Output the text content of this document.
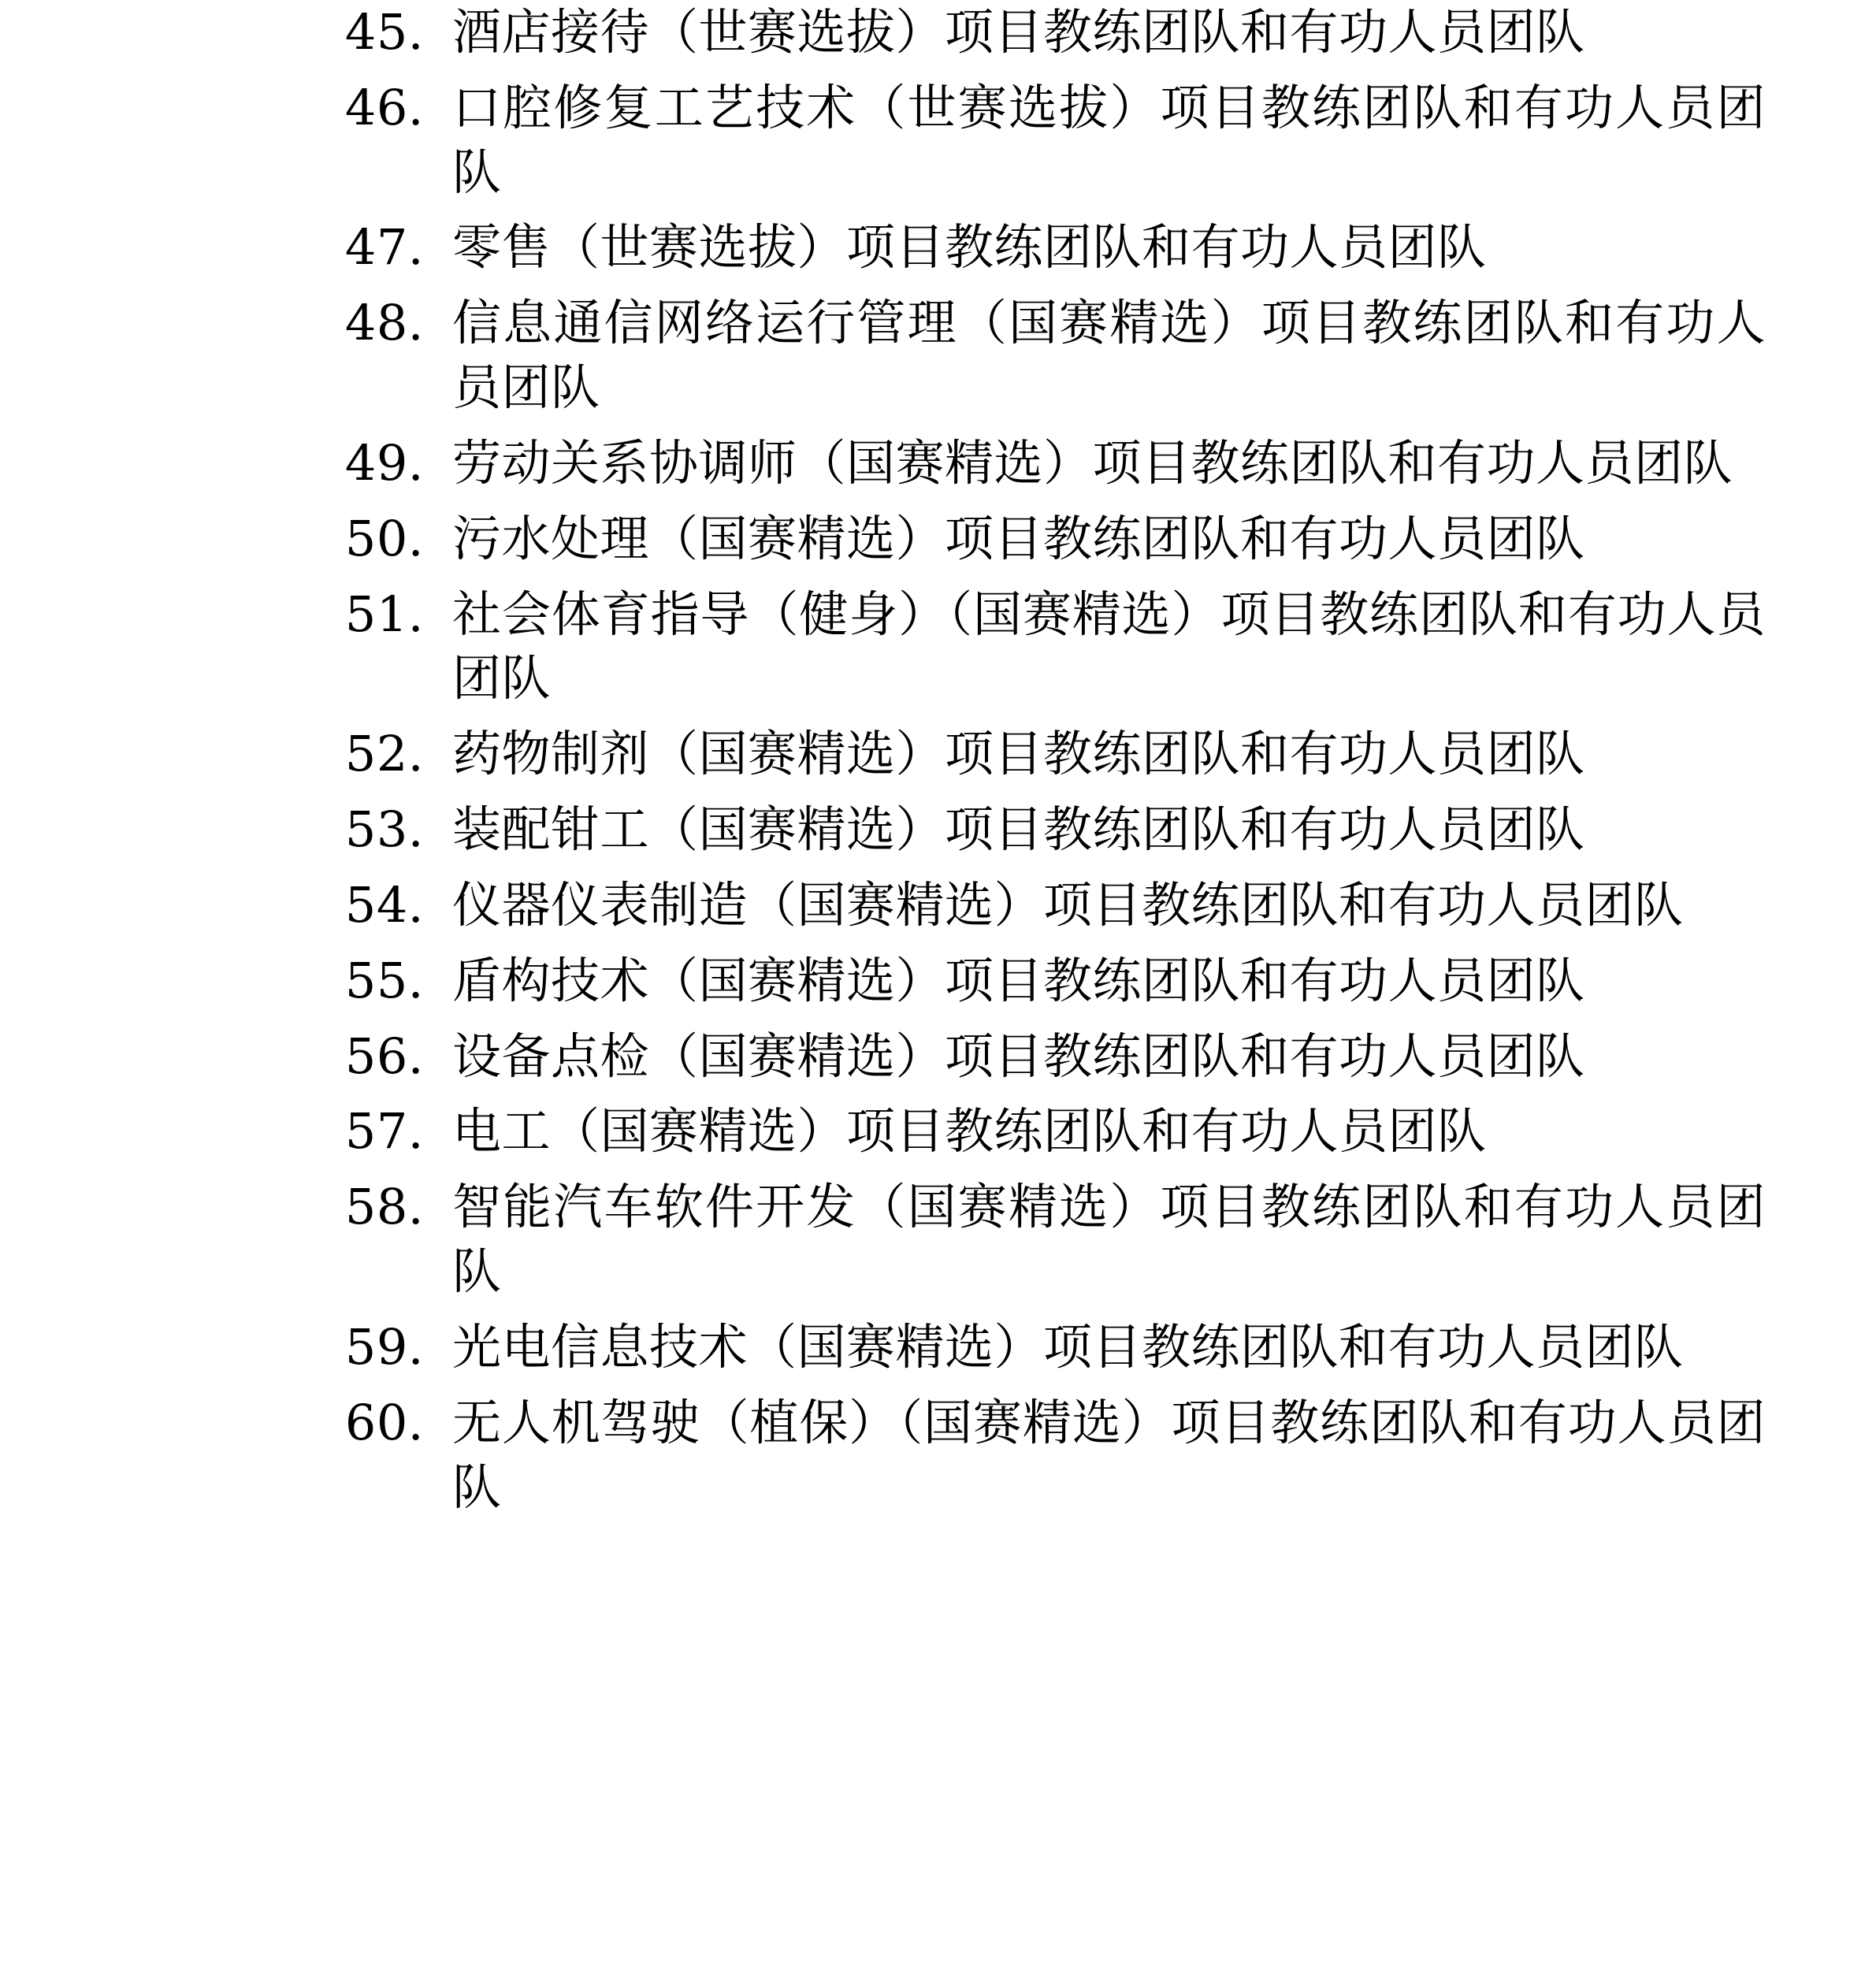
45. 酒店接待（世赛选拔）项目教练团队和有功人员团队
46. 口腔修复工艺技术（世赛选拔）项目教练团队和有功人员团队
47. 零售（世赛选拔）项目教练团队和有功人员团队
48. 信息通信网络运行管理（国赛精选）项目教练团队和有功人员团队
49. 劳动关系协调师（国赛精选）项目教练团队和有功人员团队
50. 污水处理（国赛精选）项目教练团队和有功人员团队
51. 社会体育指导（健身）（国赛精选）项目教练团队和有功人员团队
52. 药物制剂（国赛精选）项目教练团队和有功人员团队
53. 装配钳工（国赛精选）项目教练团队和有功人员团队
54. 仪器仪表制造（国赛精选）项目教练团队和有功人员团队
55. 盾构技术（国赛精选）项目教练团队和有功人员团队
56. 设备点检（国赛精选）项目教练团队和有功人员团队
57. 电工（国赛精选）项目教练团队和有功人员团队
58. 智能汽车软件开发（国赛精选）项目教练团队和有功人员团队
59. 光电信息技术（国赛精选）项目教练团队和有功人员团队
60. 无人机驾驶（植保）（国赛精选）项目教练团队和有功人员团队
